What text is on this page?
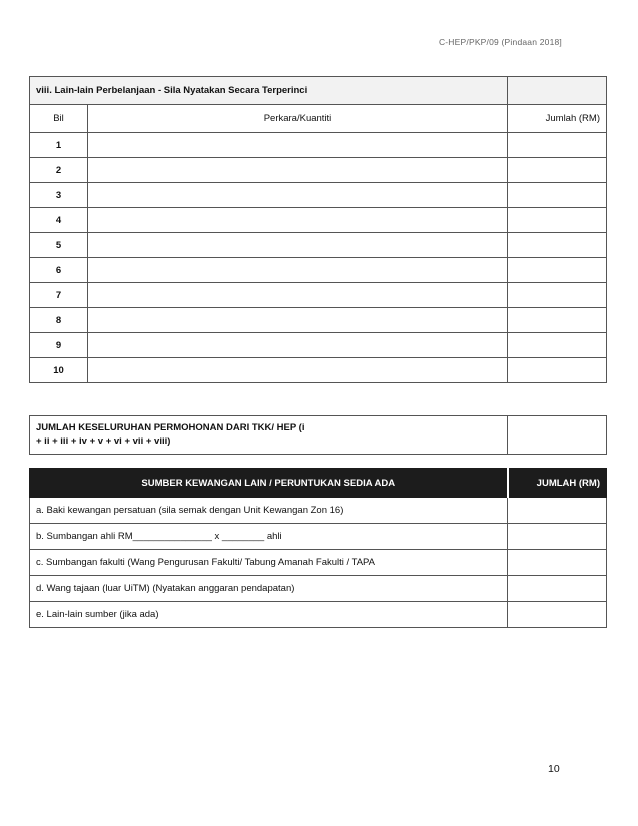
C-HEP/PKP/09 (Pindaan 2018]
viii. Lain-lain Perbelanjaan - Sila Nyatakan Secara Terperinci		
Bil	Perkara/Kuantiti	Jumlah (RM)
1		
2		
3		
4		
5		
6		
7		
8		
9		
10		
JUMLAH KESELURUHAN PERMOHONAN DARI TKK/ HEP (i
+ ii + iii + iv + v + vi + vii + viii)

SUMBER KEWANGAN LAIN / PERUNTUKAN SEDIA ADA	JUMLAH (RM)
a. Baki kewangan persatuan (sila semak dengan Unit Kewangan Zon 16)	
b. Sumbangan ahli RM_______________ x ________ ahli	
c. Sumbangan fakulti (Wang Pengurusan Fakulti/ Tabung Amanah Fakulti / TAPA	
d. Wang tajaan (luar UiTM) (Nyatakan anggaran pendapatan)	
e. Lain-lain sumber (jika ada)	
10
